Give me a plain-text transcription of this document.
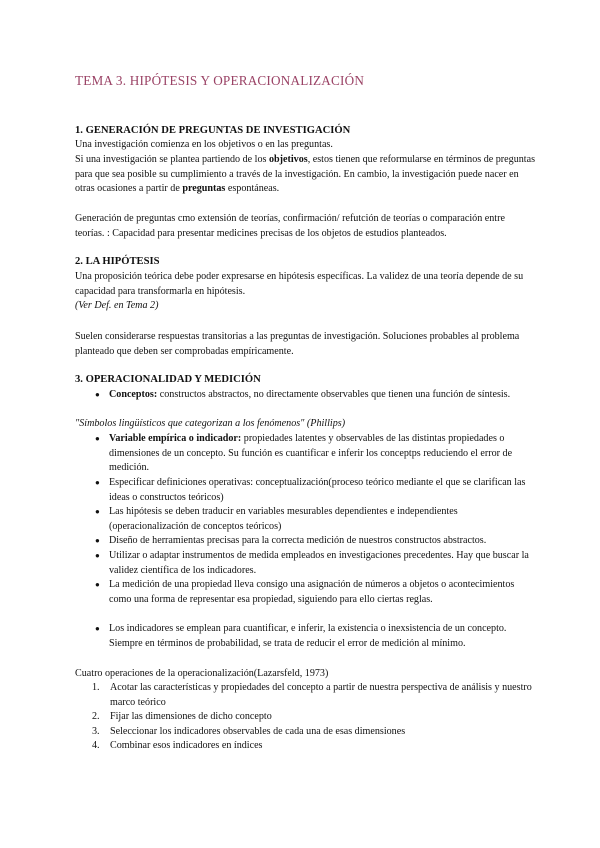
TEMA 3. HIPÓTESIS Y OPERACIONALIZACIÓN
1. GENERACIÓN DE PREGUNTAS DE INVESTIGACIÓN

Una investigación comienza en los objetivos o en las preguntas.

Si una investigación se plantea partiendo de los objetivos, estos tienen que reformularse en términos de preguntas para que sea posible su cumplimiento a través de la investigación. En cambio, la investigación puede nacer en otras ocasiones a partir de preguntas espontáneas.

Generación de preguntas cmo extensión de teorías, confirmación/ refutción de teorías o comparación entre teorías. : Capacidad para presentar medicines precisas de los objetos de estudios planteados.

2. LA HIPÓTESIS

Una proposición teórica debe poder expresarse en hipótesis específicas. La validez de una teoría depende de su capacidad para transformarla en hipótesis.

(Ver Def. en Tema 2)

Suelen considerarse respuestas transitorias a las preguntas de investigación. Soluciones probables al problema planteado que deben ser comprobadas empíricamente.

3. OPERACIONALIDAD Y MEDICIÓN
● Conceptos: constructos abstractos, no directamente observables que tienen una función de síntesis.

"Símbolos lingüísticos que categorizan a los fenómenos" (Phillips)

● Variable empírica o indicador: propiedades latentes y observables de las distintas propiedades o dimensiones de un concepto. Su función es cuantificar e inferir los conceptps reduciendo el error de medición.
● Especificar definiciones operativas: conceptualización(proceso teórico mediante el que se clarifican las ideas o constructos teóricos)
● Las hipótesis se deben traducir en variables mesurables dependientes e independientes (operacionalización de conceptos teóricos)
● Diseño de herramientas precisas para la correcta medición de nuestros constructos abstractos.
● Utilizar o adaptar instrumentos de medida empleados en investigaciones precedentes. Hay que buscar la validez científica de los indicadores.
● La medición de una propiedad lleva consigo una asignación de números a objetos o acontecimientos como una forma de representar esa propiedad, siguiendo para ello ciertas reglas.
● Los indicadores se emplean para cuantificar, e inferir, la existencia o inexsistencia de un concepto. Siempre en términos de probabilidad, se trata de reducir el error de medición al mínimo.

Cuatro operaciones de la operacionalización(Lazarsfeld, 1973)

1.	Acotar las características y propiedades del concepto a partir de nuestra perspectiva de análisis y nuestro marco teórico
2.	Fijar las dimensiones de dicho concepto
3.	Seleccionar los indicadores observables de cada una de esas dimensiones
4.	Combinar esos indicadores en índices
